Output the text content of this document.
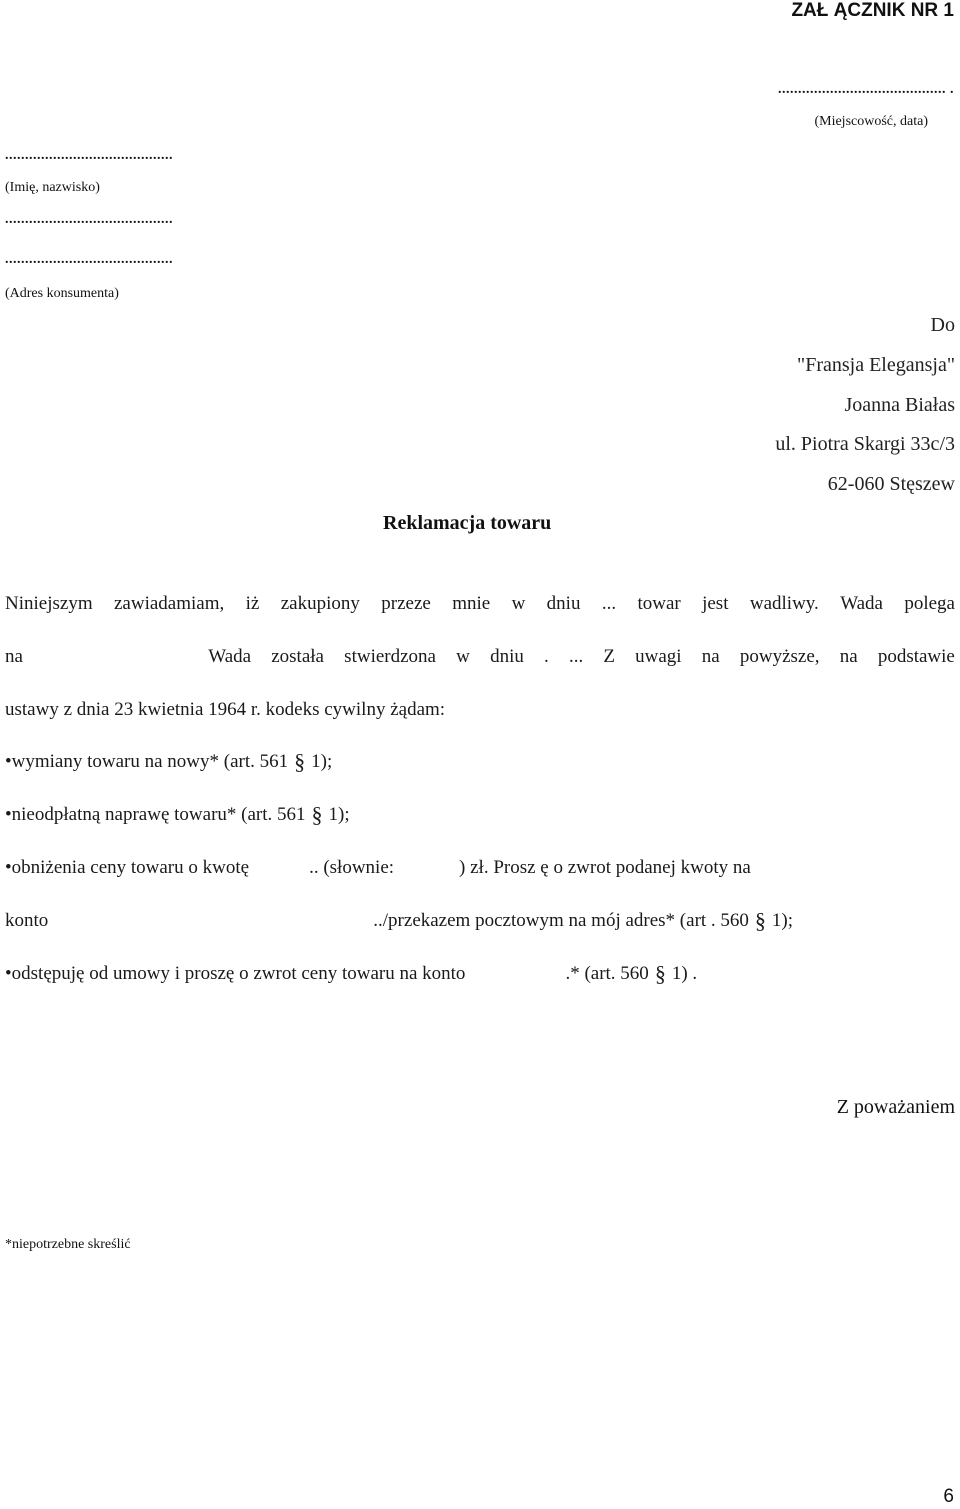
ZAŁ ĄCZNIK NR 1
.......................................... .
(Miejscowość, data)
..........................................
(Imię, nazwisko)
..........................................
..........................................
(Adres konsumenta)
Do
"Fransja Elegansja"
Joanna Białas
ul. Piotra Skargi 33c/3
62-060 Stęszew
Reklamacja towaru
Niniejszym zawiadamiam, iż zakupiony przeze mnie w dniu ... towar jest wadliwy. Wada polega
na	Wada została stwierdzona w dniu . ... Z uwagi na powyższe, na podstawie
ustawy z dnia 23 kwietnia 1964 r. kodeks cywilny żądam:
•wymiany towaru na nowy* (art. 561 § 1);
•nieodpłatną naprawę towaru* (art. 561 § 1);
•obniżenia ceny towaru o kwotę	.. (słownie:	) zł. Prosz ę o zwrot podanej kwoty na
konto	../przekazem pocztowym na mój adres* (art . 560 § 1);
•odstępuję od umowy i proszę o zwrot ceny towaru na konto	.* (art. 560 § 1) .
Z poważaniem
*niepotrzebne skreślić
6
